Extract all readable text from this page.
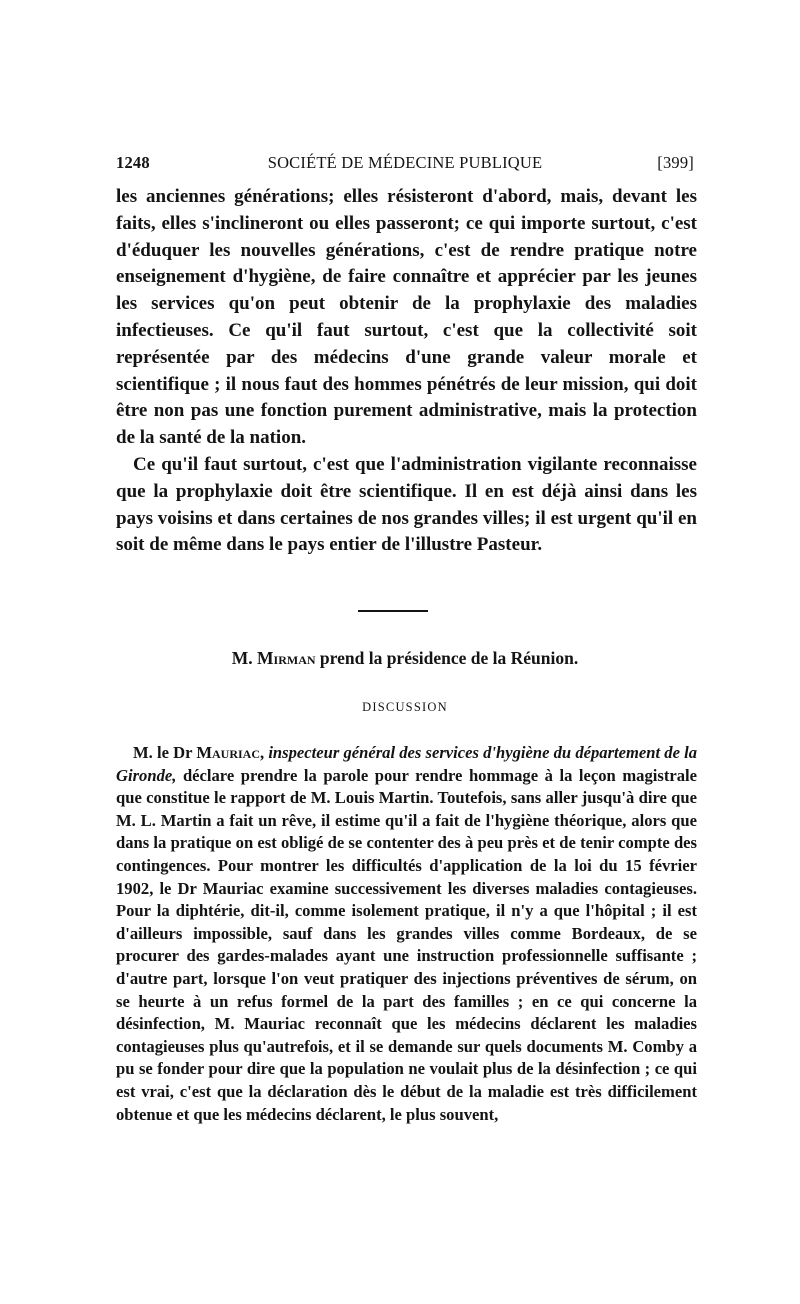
1248	SOCIÉTÉ DE MÉDECINE PUBLIQUE	[399]

les anciennes générations; elles résisteront d'abord, mais, devant les faits, elles s'inclineront ou elles passeront; ce qui importe surtout, c'est d'éduquer les nouvelles générations, c'est de rendre pratique notre enseignement d'hygiène, de faire connaître et apprécier par les jeunes les services qu'on peut obtenir de la prophylaxie des maladies infectieuses. Ce qu'il faut surtout, c'est que la collectivité soit représentée par des médecins d'une grande valeur morale et scientifique ; il nous faut des hommes pénétrés de leur mission, qui doit être non pas une fonction purement administrative, mais la protection de la santé de la nation.

Ce qu'il faut surtout, c'est que l'administration vigilante reconnaisse que la prophylaxie doit être scientifique. Il en est déjà ainsi dans les pays voisins et dans certaines de nos grandes villes; il est urgent qu'il en soit de même dans le pays entier de l'illustre Pasteur.

M. Mirman prend la présidence de la Réunion.
DISCUSSION

M. le Dr Mauriac, inspecteur général des services d'hygiène du département de la Gironde, déclare prendre la parole pour rendre hommage à la leçon magistrale que constitue le rapport de M. Louis Martin. Toutefois, sans aller jusqu'à dire que M. L. Martin a fait un rêve, il estime qu'il a fait de l'hygiène théorique, alors que dans la pratique on est obligé de se contenter des à peu près et de tenir compte des contingences. Pour montrer les difficultés d'application de la loi du 15 février 1902, le Dr Mauriac examine successivement les diverses maladies contagieuses. Pour la diphtérie, dit-il, comme isolement pratique, il n'y a que l'hôpital ; il est d'ailleurs impossible, sauf dans les grandes villes comme Bordeaux, de se procurer des gardes-malades ayant une instruction professionnelle suffisante ; d'autre part, lorsque l'on veut pratiquer des injections préventives de sérum, on se heurte à un refus formel de la part des familles ; en ce qui concerne la désinfection, M. Mauriac reconnaît que les médecins déclarent les maladies contagieuses plus qu'autrefois, et il se demande sur quels documents M. Comby a pu se fonder pour dire que la population ne voulait plus de la désinfection ; ce qui est vrai, c'est que la déclaration dès le début de la maladie est très difficilement obtenue et que les médecins déclarent, le plus souvent,
